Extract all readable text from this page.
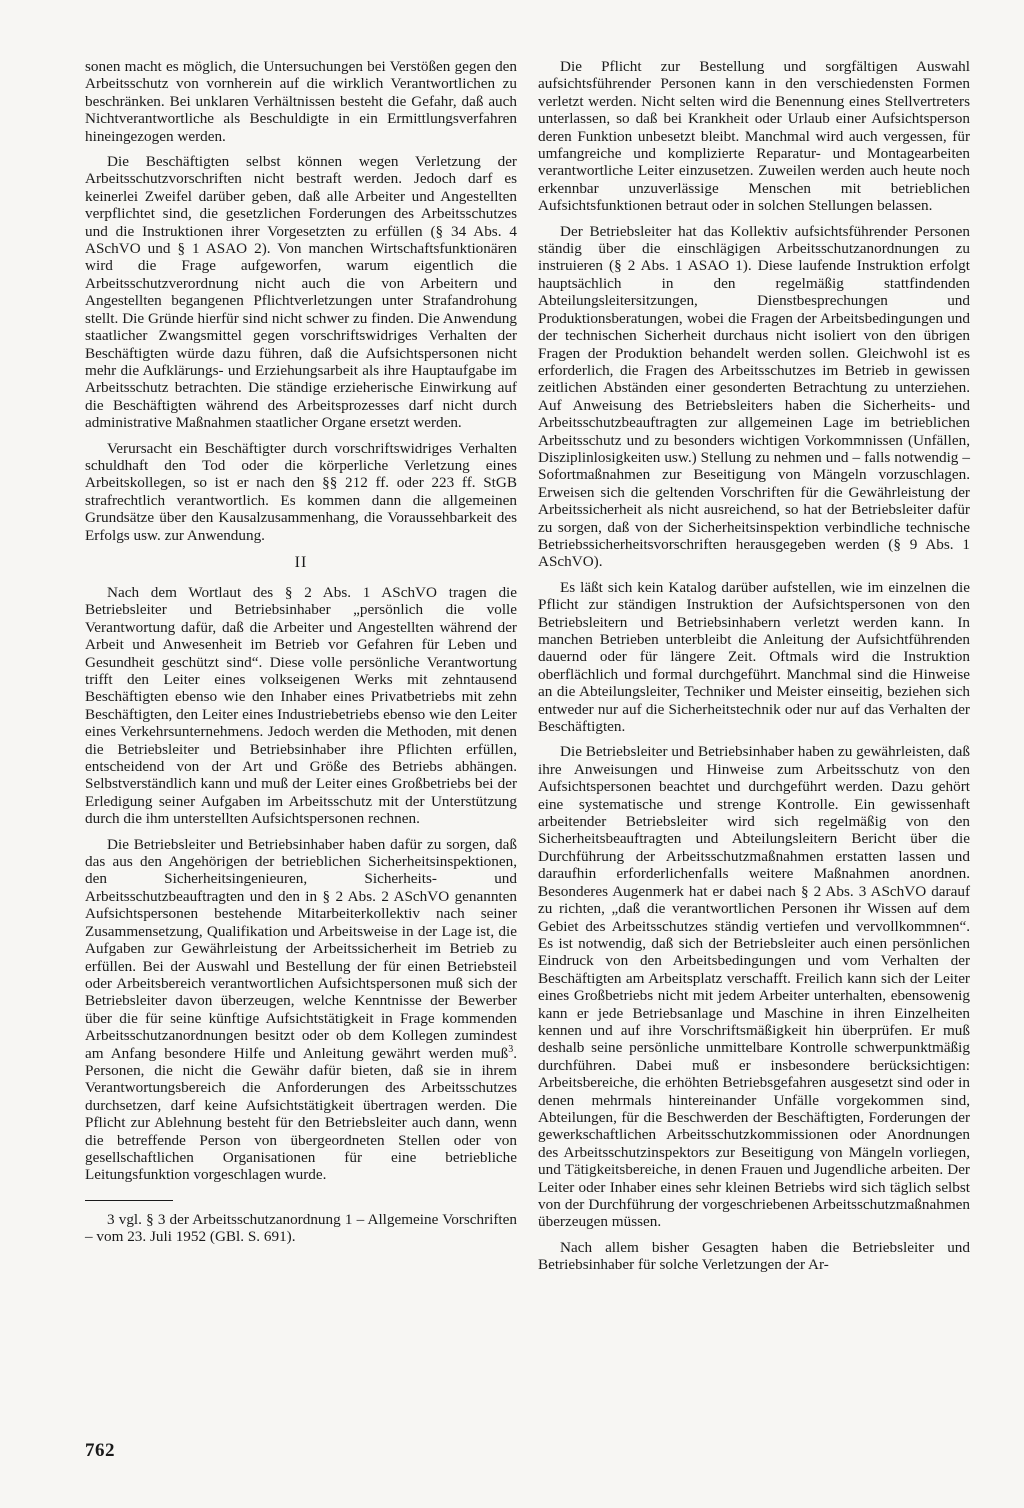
sonen macht es möglich, die Untersuchungen bei Verstößen gegen den Arbeitsschutz von vornherein auf die wirklich Verantwortlichen zu beschränken. Bei unklaren Verhältnissen besteht die Gefahr, daß auch Nichtverantwortliche als Beschuldigte in ein Ermittlungsverfahren hineingezogen werden.

Die Beschäftigten selbst können wegen Verletzung der Arbeitsschutzvorschriften nicht bestraft werden. Jedoch darf es keinerlei Zweifel darüber geben, daß alle Arbeiter und Angestellten verpflichtet sind, die gesetzlichen Forderungen des Arbeitsschutzes und die Instruktionen ihrer Vorgesetzten zu erfüllen (§ 34 Abs. 4 ASchVO und § 1 ASAO 2). Von manchen Wirtschaftsfunktionären wird die Frage aufgeworfen, warum eigentlich die Arbeitsschutzverordnung nicht auch die von Arbeitern und Angestellten begangenen Pflichtverletzungen unter Strafandrohung stellt. Die Gründe hierfür sind nicht schwer zu finden. Die Anwendung staatlicher Zwangsmittel gegen vorschriftswidriges Verhalten der Beschäftigten würde dazu führen, daß die Aufsichtspersonen nicht mehr die Aufklärungs- und Erziehungsarbeit als ihre Hauptaufgabe im Arbeitsschutz betrachten. Die ständige erzieherische Einwirkung auf die Beschäftigten während des Arbeitsprozesses darf nicht durch administrative Maßnahmen staatlicher Organe ersetzt werden.

Verursacht ein Beschäftigter durch vorschriftswidriges Verhalten schuldhaft den Tod oder die körperliche Verletzung eines Arbeitskollegen, so ist er nach den §§ 212 ff. oder 223 ff. StGB strafrechtlich verantwortlich. Es kommen dann die allgemeinen Grundsätze über den Kausalzusammenhang, die Voraussehbarkeit des Erfolgs usw. zur Anwendung.

II

Nach dem Wortlaut des § 2 Abs. 1 ASchVO tragen die Betriebsleiter und Betriebsinhaber „persönlich die volle Verantwortung dafür, daß die Arbeiter und Angestellten während der Arbeit und Anwesenheit im Betrieb vor Gefahren für Leben und Gesundheit geschützt sind“. Diese volle persönliche Verantwortung trifft den Leiter eines volkseigenen Werks mit zehntausend Beschäftigten ebenso wie den Inhaber eines Privatbetriebs mit zehn Beschäftigten, den Leiter eines Industriebetriebs ebenso wie den Leiter eines Verkehrsunternehmens. Jedoch werden die Methoden, mit denen die Betriebsleiter und Betriebsinhaber ihre Pflichten erfüllen, entscheidend von der Art und Größe des Betriebs abhängen. Selbstverständlich kann und muß der Leiter eines Großbetriebs bei der Erledigung seiner Aufgaben im Arbeitsschutz mit der Unterstützung durch die ihm unterstellten Aufsichtspersonen rechnen.

Die Betriebsleiter und Betriebsinhaber haben dafür zu sorgen, daß das aus den Angehörigen der betrieblichen Sicherheitsinspektionen, den Sicherheitsingenieuren, Sicherheits- und Arbeitsschutzbeauftragten und den in § 2 Abs. 2 ASchVO genannten Aufsichtspersonen bestehende Mitarbeiterkollektiv nach seiner Zusammensetzung, Qualifikation und Arbeitsweise in der Lage ist, die Aufgaben zur Gewährleistung der Arbeitssicherheit im Betrieb zu erfüllen. Bei der Auswahl und Bestellung der für einen Betriebsteil oder Arbeitsbereich verantwortlichen Aufsichtspersonen muß sich der Betriebsleiter davon überzeugen, welche Kenntnisse der Bewerber über die für seine künftige Aufsichtstätigkeit in Frage kommenden Arbeitsschutzanordnungen besitzt oder ob dem Kollegen zumindest am Anfang besondere Hilfe und Anleitung gewährt werden muß$^3$. Personen, die nicht die Gewähr dafür bieten, daß sie in ihrem Verantwortungsbereich die Anforderungen des Arbeitsschutzes durchsetzen, darf keine Aufsichtstätigkeit übertragen werden. Die Pflicht zur Ablehnung besteht für den Betriebsleiter auch dann, wenn die betreffende Person von übergeordneten Stellen oder von gesellschaftlichen Organisationen für eine betriebliche Leitungsfunktion vorgeschlagen wurde.

3 vgl. § 3 der Arbeitsschutzanordnung 1 – Allgemeine Vorschriften – vom 23. Juli 1952 (GBl. S. 691).

Die Pflicht zur Bestellung und sorgfältigen Auswahl aufsichtsführender Personen kann in den verschiedensten Formen verletzt werden. Nicht selten wird die Benennung eines Stellvertreters unterlassen, so daß bei Krankheit oder Urlaub einer Aufsichtsperson deren Funktion unbesetzt bleibt. Manchmal wird auch vergessen, für umfangreiche und komplizierte Reparatur- und Montagearbeiten verantwortliche Leiter einzusetzen. Zuweilen werden auch heute noch erkennbar unzuverlässige Menschen mit betrieblichen Aufsichtsfunktionen betraut oder in solchen Stellungen belassen.

Der Betriebsleiter hat das Kollektiv aufsichtsführender Personen ständig über die einschlägigen Arbeitsschutzanordnungen zu instruieren (§ 2 Abs. 1 ASAO 1). Diese laufende Instruktion erfolgt hauptsächlich in den regelmäßig stattfindenden Abteilungsleitersitzungen, Dienstbesprechungen und Produktionsberatungen, wobei die Fragen der Arbeitsbedingungen und der technischen Sicherheit durchaus nicht isoliert von den übrigen Fragen der Produktion behandelt werden sollen. Gleichwohl ist es erforderlich, die Fragen des Arbeitsschutzes im Betrieb in gewissen zeitlichen Abständen einer gesonderten Betrachtung zu unterziehen. Auf Anweisung des Betriebsleiters haben die Sicherheits- und Arbeitsschutzbeauftragten zur allgemeinen Lage im betrieblichen Arbeitsschutz und zu besonders wichtigen Vorkommnissen (Unfällen, Disziplinlosigkeiten usw.) Stellung zu nehmen und – falls notwendig – Sofortmaßnahmen zur Beseitigung von Mängeln vorzuschlagen. Erweisen sich die geltenden Vorschriften für die Gewährleistung der Arbeitssicherheit als nicht ausreichend, so hat der Betriebsleiter dafür zu sorgen, daß von der Sicherheitsinspektion verbindliche technische Betriebssicherheitsvorschriften herausgegeben werden (§ 9 Abs. 1 ASchVO).

Es läßt sich kein Katalog darüber aufstellen, wie im einzelnen die Pflicht zur ständigen Instruktion der Aufsichtspersonen von den Betriebsleitern und Betriebsinhabern verletzt werden kann. In manchen Betrieben unterbleibt die Anleitung der Aufsichtführenden dauernd oder für längere Zeit. Oftmals wird die Instruktion oberflächlich und formal durchgeführt. Manchmal sind die Hinweise an die Abteilungsleiter, Techniker und Meister einseitig, beziehen sich entweder nur auf die Sicherheitstechnik oder nur auf das Verhalten der Beschäftigten.

Die Betriebsleiter und Betriebsinhaber haben zu gewährleisten, daß ihre Anweisungen und Hinweise zum Arbeitsschutz von den Aufsichtspersonen beachtet und durchgeführt werden. Dazu gehört eine systematische und strenge Kontrolle. Ein gewissenhaft arbeitender Betriebsleiter wird sich regelmäßig von den Sicherheitsbeauftragten und Abteilungsleitern Bericht über die Durchführung der Arbeitsschutzmaßnahmen erstatten lassen und daraufhin erforderlichenfalls weitere Maßnahmen anordnen. Besonderes Augenmerk hat er dabei nach § 2 Abs. 3 ASchVO darauf zu richten, „daß die verantwortlichen Personen ihr Wissen auf dem Gebiet des Arbeitsschutzes ständig vertiefen und vervollkommnen“. Es ist notwendig, daß sich der Betriebsleiter auch einen persönlichen Eindruck von den Arbeitsbedingungen und vom Verhalten der Beschäftigten am Arbeitsplatz verschafft. Freilich kann sich der Leiter eines Großbetriebs nicht mit jedem Arbeiter unterhalten, ebensowenig kann er jede Betriebsanlage und Maschine in ihren Einzelheiten kennen und auf ihre Vorschriftsmäßigkeit hin überprüfen. Er muß deshalb seine persönliche unmittelbare Kontrolle schwerpunktmäßig durchführen. Dabei muß er insbesondere berücksichtigen: Arbeitsbereiche, die erhöhten Betriebsgefahren ausgesetzt sind oder in denen mehrmals hintereinander Unfälle vorgekommen sind, Abteilungen, für die Beschwerden der Beschäftigten, Forderungen der gewerkschaftlichen Arbeitsschutzkommissionen oder Anordnungen des Arbeitsschutzinspektors zur Beseitigung von Mängeln vorliegen, und Tätigkeitsbereiche, in denen Frauen und Jugendliche arbeiten. Der Leiter oder Inhaber eines sehr kleinen Betriebs wird sich täglich selbst von der Durchführung der vorgeschriebenen Arbeitsschutzmaßnahmen überzeugen müssen.

Nach allem bisher Gesagten haben die Betriebsleiter und Betriebsinhaber für solche Verletzungen der Ar-

762
